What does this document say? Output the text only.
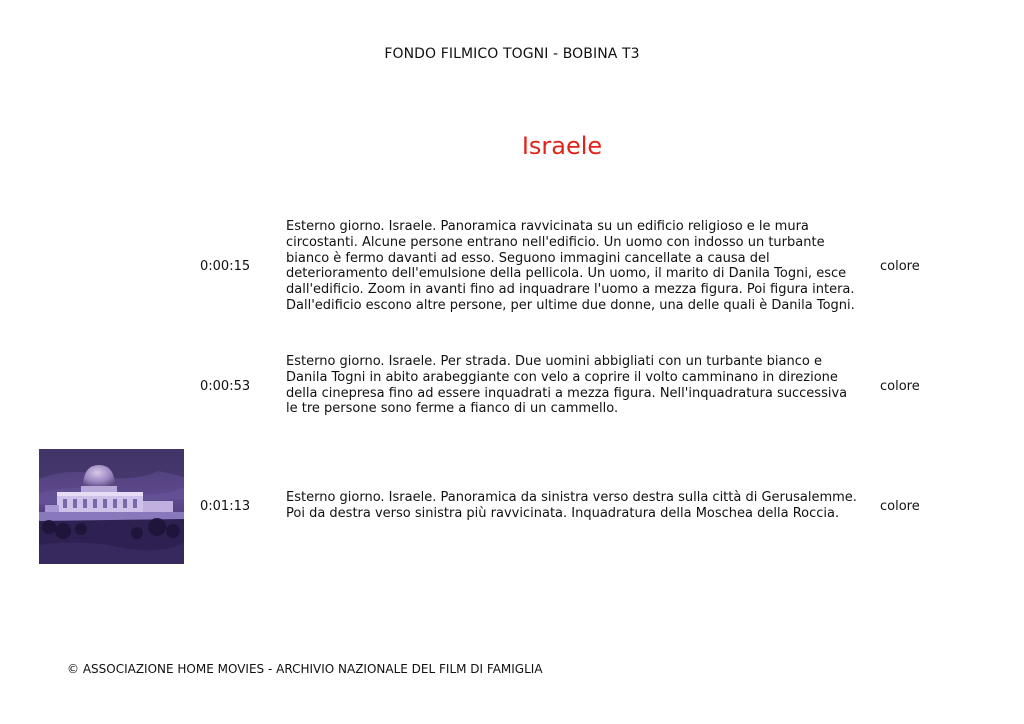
FONDO FILMICO TOGNI - BOBINA T3
Israele
0:00:15
Esterno giorno. Israele. Panoramica ravvicinata su un edificio religioso e le mura circostanti. Alcune persone entrano nell'edificio. Un uomo con indosso un turbante bianco è fermo davanti ad esso. Seguono immagini cancellate a causa del deterioramento dell'emulsione della pellicola. Un uomo, il marito di Danila Togni, esce dall'edificio. Zoom in avanti fino ad inquadrare l'uomo a mezza figura. Poi figura intera. Dall'edificio escono altre persone, per ultime due donne, una delle quali è Danila Togni.
colore
0:00:53
Esterno giorno. Israele. Per strada. Due uomini abbigliati con un turbante bianco e Danila Togni in abito arabeggiante con velo a coprire il volto camminano in direzione della cinepresa fino ad essere inquadrati a mezza figura. Nell'inquadratura successiva le tre persone sono ferme a fianco di un cammello.
colore
0:01:13
Esterno giorno. Israele. Panoramica da sinistra verso destra sulla città di Gerusalemme. Poi da destra verso sinistra più ravvicinata. Inquadratura della Moschea della Roccia.	colore
© ASSOCIAZIONE HOME MOVIES - ARCHIVIO NAZIONALE DEL FILM DI FAMIGLIA
